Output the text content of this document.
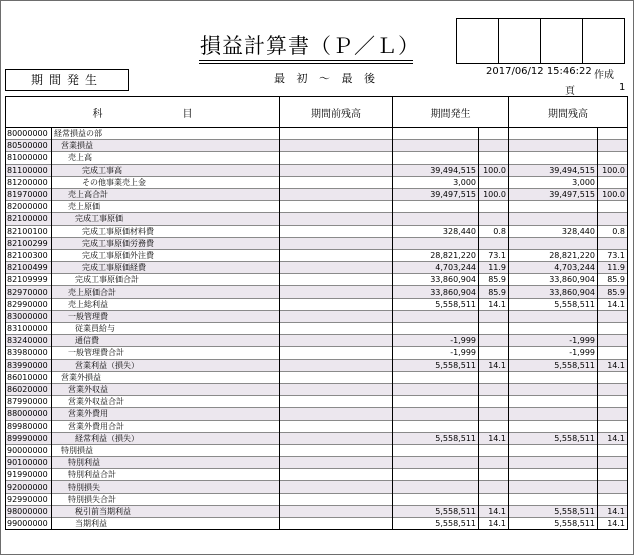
損益計算書（Ｐ／Ｌ）
期間発生	最 初 ～ 最 後
2017/06/12 15:46:22 作成
頁	1
科　　　　　　　　目		期間前残高	期間発生		期間残高	
80000000	経常損益の部					
80500000	営業損益					
81000000	売上高					
81100000	完成工事高		39,494,515	100.0	39,494,515	100.0
81200000	その他事業売上金		3,000		3,000	
81970000	売上高合計		39,497,515	100.0	39,497,515	100.0
82000000	売上原価					
82100000	完成工事原価					
82100100	完成工事原価材料費		328,440	0.8	328,440	0.8
82100299	完成工事原価労務費					
82100300	完成工事原価外注費		28,821,220	73.1	28,821,220	73.1
82100499	完成工事原価経費		4,703,244	11.9	4,703,244	11.9
82109999	完成工事原価合計		33,860,904	85.9	33,860,904	85.9
82970000	売上原価合計		33,860,904	85.9	33,860,904	85.9
82990000	売上総利益		5,558,511	14.1	5,558,511	14.1
83000000	一般管理費					
83100000	従業員給与					
83240000	通信費		-1,999		-1,999	
83980000	一般管理費合計		-1,999		-1,999	
83990000	営業利益（損失）		5,558,511	14.1	5,558,511	14.1
86010000	営業外損益					
86020000	営業外収益					
87990000	営業外収益合計					
88000000	営業外費用					
89980000	営業外費用合計					
89990000	経常利益（損失）		5,558,511	14.1	5,558,511	14.1
90000000	特別損益					
90100000	特別利益					
91990000	特別利益合計					
92000000	特別損失					
92990000	特別損失合計					
98000000	税引前当期利益		5,558,511	14.1	5,558,511	14.1
99000000	当期利益		5,558,511	14.1	5,558,511	14.1
